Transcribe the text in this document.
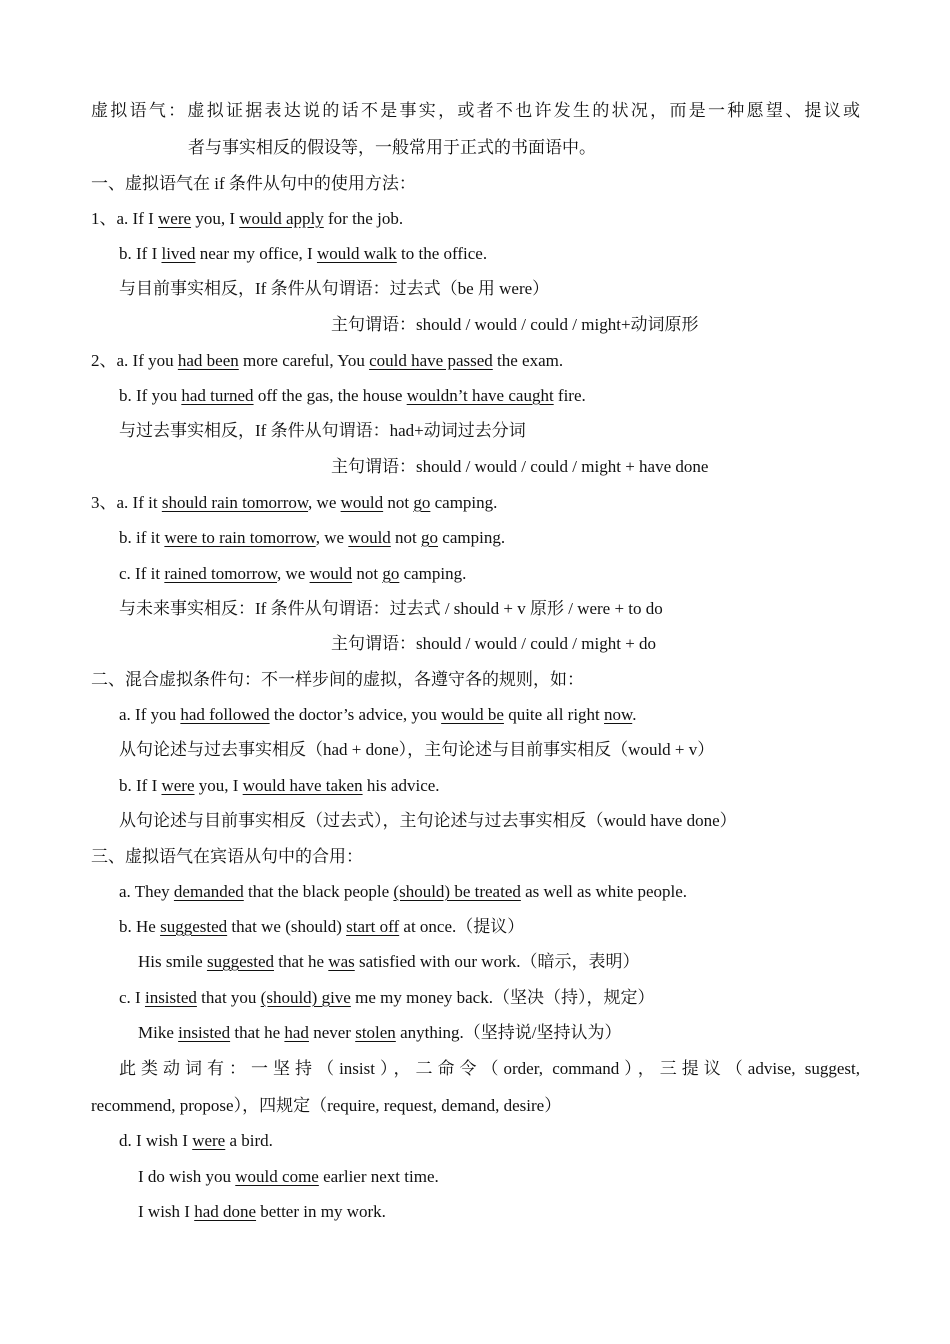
虚拟语气：虚拟证据表达说的话不是事实，或者不也许发生的状况，而是一种愿望、提议或
者与事实相反的假设等，一般常用于正式的书面语中。
一、虚拟语气在 if 条件从句中的使用方法：
1、a. If I were you, I would apply for the job.
b. If I lived near my office, I would walk to the office.
与目前事实相反，If 条件从句谓语：过去式（be 用 were）
主句谓语：should / would / could / might+动词原形
2、a. If you had been more careful, You could have passed the exam.
b. If you had turned off the gas, the house wouldn’t have caught fire.
与过去事实相反，If 条件从句谓语：had+动词过去分词
主句谓语：should / would / could / might + have done
3、a. If it should rain tomorrow, we would not go camping.
b. if it were to rain tomorrow, we would not go camping.
c. If it rained tomorrow, we would not go camping.
与未来事实相反：If 条件从句谓语：过去式 / should + v 原形 / were + to do
主句谓语：should / would / could / might + do
二、混合虚拟条件句：不一样步间的虚拟，各遵守各的规则，如：
a. If you had followed the doctor’s advice, you would be quite all right now.
从句论述与过去事实相反（had + done），主句论述与目前事实相反（would + v）
b. If I were you, I would have taken his advice.
从句论述与目前事实相反（过去式），主句论述与过去事实相反（would have done）
三、虚拟语气在宾语从句中的合用：
a. They demanded that the black people (should) be treated as well as white people.
b. He suggested that we (should) start off at once.（提议）
His smile suggested that he was satisfied with our work.（暗示，表明）
c. I insisted that you (should) give me my money back.（坚决（持），规定）
Mike insisted that he had never stolen anything.（坚持说/坚持认为）
此类动词有：一坚持（insist），二命令（order, command），三提议（advise, suggest,
recommend, propose），四规定（require, request, demand, desire）
d. I wish I were a bird.
I do wish you would come earlier next time.
I wish I had done better in my work.
